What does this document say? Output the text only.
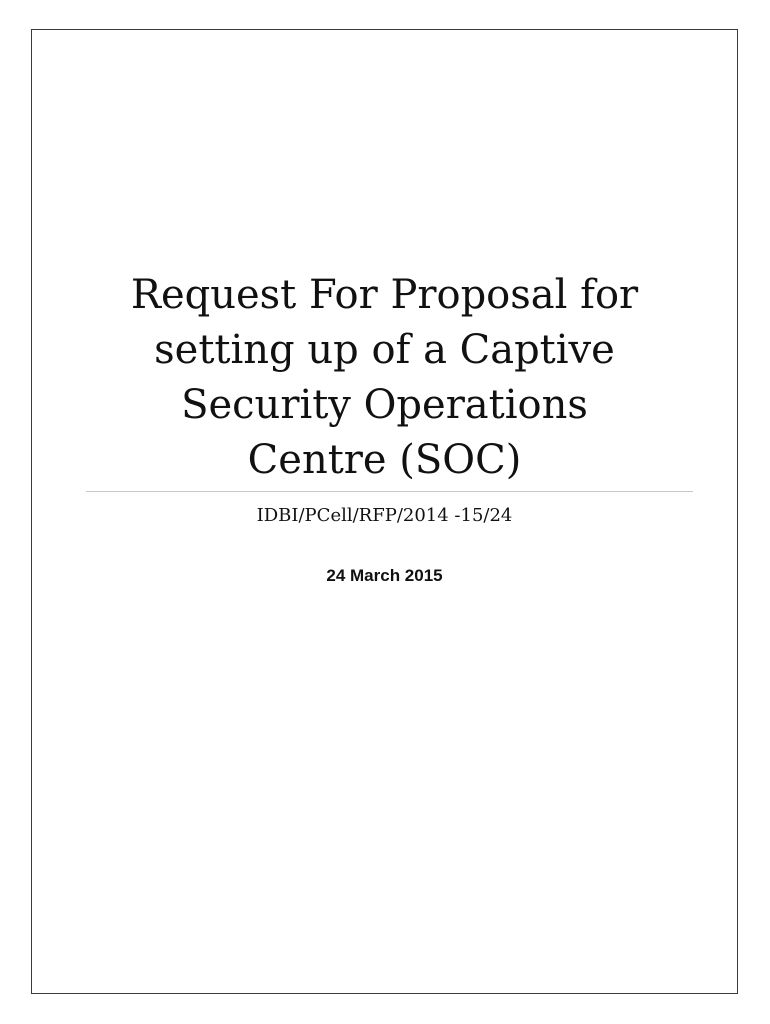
Request For Proposal for
setting up of a Captive
Security Operations
Centre (SOC)
IDBI/PCell/RFP/2014 -15/24
24 March 2015
